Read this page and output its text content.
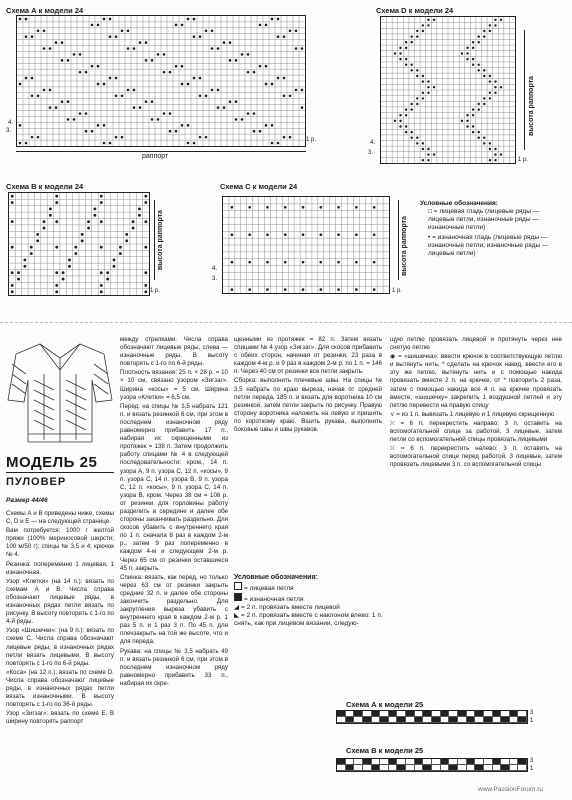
Схема А к модели 24
4.
3.
1 р.
раппорт
Схема D к модели 24
4.
3.
1 р.
высота раппорта
Схема В к модели 24
1 р.
высота раппорта
Схема С к модели 24
4.
3.
1 р.
высота раппорта
Условные обозначения:
□ = лицевая гладь (лицевые ряды — лицевые петли, изнаночные ряды — изнаночные петли)
• = изнаночная гладь (лицевые ряды — изнаночные петли, изнаночные ряды — лицевые петли)
МОДЕЛЬ 25
ПУЛОВЕР
Размер 44/46

Схемы А и В приведены ниже, схемы С, D и Е — на следующей странице.

Вам потребуется: 1000 г желтой пряжи (100% мериносовой шерсти; 100 м/50 г); спицы № 3,5 и 4; крючок № 4.

Резинка: попеременно 1 лицевая, 1 изнаночная.

Узор «Клетки» (на 14 п.): вязать по схемам А и В. Числа справа обозначают лицевые ряды, в изнаночных рядах петли вязать по рисунку. В высоту повторять с 1-го по 4-й ряды.

Узор «Шишечки»: (на 9 п.): вязать по схеме С. Числа справа обозначают лицевые ряды, в изнаночных рядах петли вязать лицевыми. В высоту повторять с 1-го по 6-й ряды.

«Коса» (на 12 п.): вязать по схеме D. Числа справа обозначают лицевые ряды, в изнаночных рядах петли вязать изнаночными. В высоту повторять с 1-го по 36-й ряды.

Узор «Зигзаг»: вязать по схеме Е. В ширину повторять раппорт

между стрелками. Числа справа обозначают лицевые ряды, слева — изнаночные ряды. В высоту повторять с 1-го по 6-й ряды.

Плотность вязания: 25 п. × 28 р. = 10 × 10 см, связано узором «Зигзаг». Ширина «косы» = 5 см. Ширина узора «Клетки» = 6,5 см.

Перед: на спицы № 3,5 набрать 121 п. и вязать резинкой 6 см, при этом в последнем изнаночном ряду равномерно прибавить 17 п., набирая их скрещенными из протяжек = 138 п. Затем продолжить работу спицами № 4 в следующей последовательности: кром., 14 п. узора А, 9 п. узора С, 12 п. «косы», 9 п. узора С, 14 п. узора В, 9 п. узора С, 12 п. «косы», 9 п. узора С, 14 п. узора В, кром. Через 38 см = 108 р. от резинки для горловины работу разделить в середине и далее обе стороны заканчивать раздельно. Для скосов убавить с внутреннего края по 1 п. сначала 8 раз в каждом 2-м р., затем 9 раз попеременно в каждом 4-м и следующем 2-м р. Через 65 см от резинки оставшиеся 45 п. закрыть.

Спинка: вязать, как перед, но только через 63 см от резинки закрыть средние 32 п. и далее обе стороны закончить раздельно. Для закругления выреза убавить с внутреннего края в каждом 2-м р. 1 раз 5 п. и 1 раз 3 п. По 45 п. для плечзакрыть на той же высоте, что и для переда.

Рукава: на спицы № 3,5 набрать 49 п. и вязать резинкой 6 см, при этом в последнем изнаночном ряду равномерно прибавить 33 п., набирая их скре-

щенными из протяжек = 82 п. Затем вязать спицами № 4 узор «Зигзаг». Для скосов прибавить с обеих сторон, начиная от резинки, 23 раза в каждом 4-м р. и 9 раз в каждом 2-м р. по 1 п. = 146 п. Через 40 см от резинки все петли закрыть.

Сборка: выполнить плечевые швы. На спицы № 3,5 набрать по краю выреза, начав от средней петли переда, 185 п. и вязать для воротника 10 см резинкой, затем петли закрыть по рисунку. Правую сторону воротника наложить на левую и пришить по короткому краю. Вшить рукава, выполнить боковые швы и швы рукавов.

Условные обозначения:
= лицевая петля
= изнаночная петля
◢ = 2 п. провязать вместе лицевой
◣ = 2 п. провязать вместе с наклоном влево: 1 п. снять, как при лицевом вязании, следую-

щую петлю провязать лицевой и протянуть через нее снятую петлю

◉ = «шишечка»: ввести крючок в соответствующую петлю и вытянуть нить, * сделать на крючок накид, ввести его в эту же петлю, вытянуть нить и с помощью накида провязать вместе 2 п. на крючке, от * повторить 2 раза, затем с помощью накида все 4 п. на крючке провязать вместе, «шишечку» закрепить 1 воздушной петлей и эту петлю перевести на правую спицу

⋎ = из 1 п. вывязать 1 лицевую и 1 лицевую скрещенную

⤫ = 6 п. перекрестить направо: 3 п. оставить на вспомогательной спице за работой, 3 лицевые, затем петли со вспомогательной спицы провязать лицевыми

⤬ = 6 п. перекрестить налево: 3 п. оставить на вспомогательной спице перед работой, 3 лицевые, затем провязать лицевыми 3 п. со вспомогательной спицы

Схема А к модели 25
3
1
Схема В к модели 25
3
1
www.PassionForum.ru
